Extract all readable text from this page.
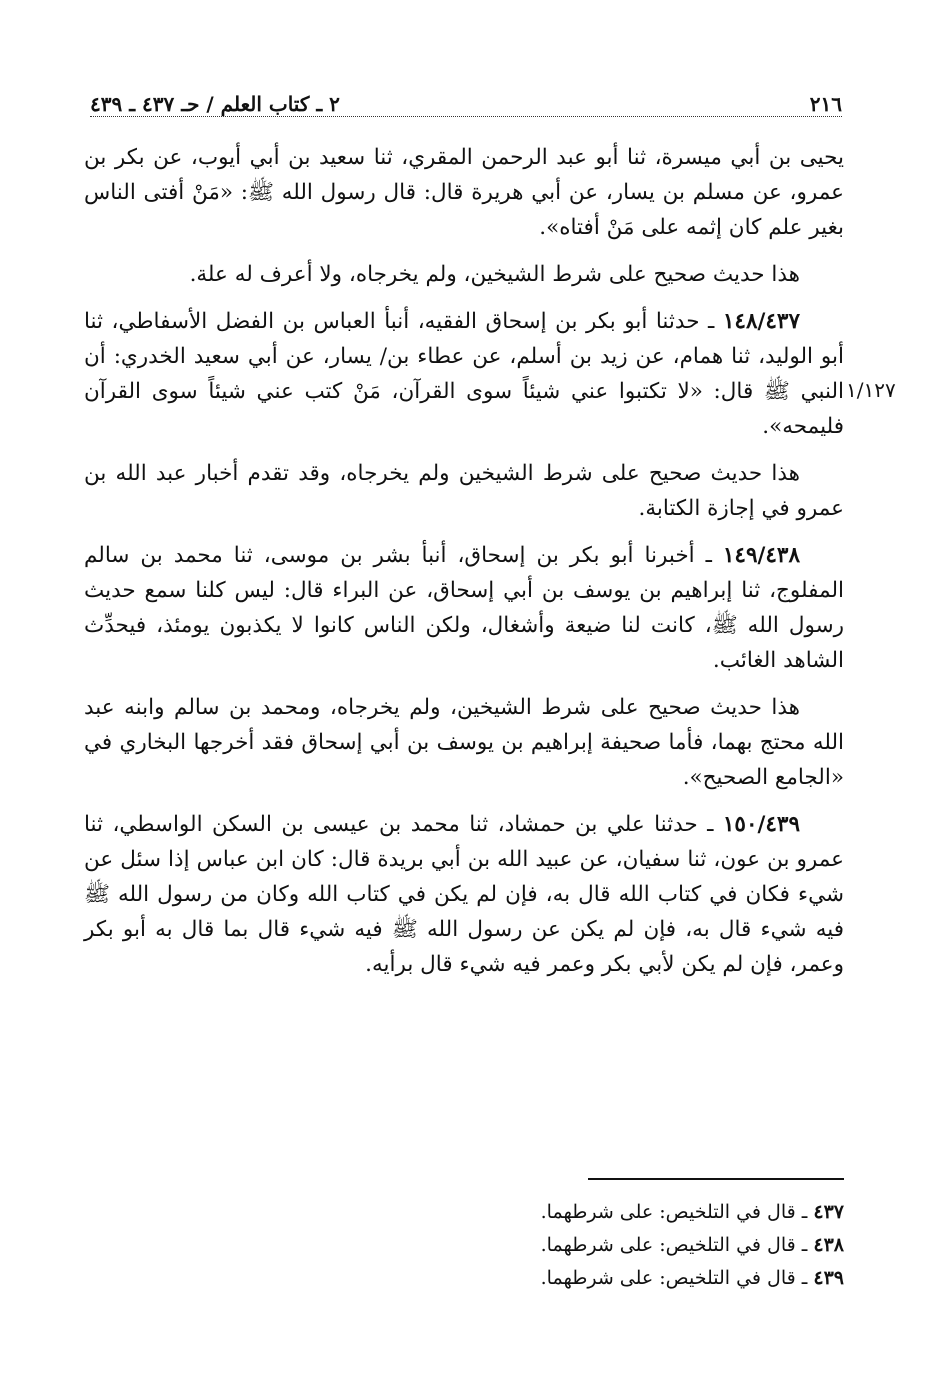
٢١٦
٢ ـ كتاب العلم / حـ ٤٣٧ ـ ٤٣٩
١/١٢٧

يحيى بن أبي ميسرة، ثنا أبو عبد الرحمن المقري، ثنا سعيد بن أبي أيوب، عن بكر بن عمرو، عن مسلم بن يسار، عن أبي هريرة قال: قال رسول الله ﷺ: «مَنْ أفتى الناس بغير علم كان إثمه على مَنْ أفتاه».

هذا حديث صحيح على شرط الشيخين، ولم يخرجاه، ولا أعرف له علة.

١٤٨/٤٣٧ ـ حدثنا أبو بكر بن إسحاق الفقيه، أنبأ العباس بن الفضل الأسفاطي، ثنا أبو الوليد، ثنا همام، عن زيد بن أسلم، عن عطاء بن/ يسار، عن أبي سعيد الخدري: أن النبي ﷺ قال: «لا تكتبوا عني شيئاً سوى القرآن، مَنْ كتب عني شيئاً سوى القرآن فليمحه».

هذا حديث صحيح على شرط الشيخين ولم يخرجاه، وقد تقدم أخبار عبد الله بن عمرو في إجازة الكتابة.

١٤٩/٤٣٨ ـ أخبرنا أبو بكر بن إسحاق، أنبأ بشر بن موسى، ثنا محمد بن سالم المفلوج، ثنا إبراهيم بن يوسف بن أبي إسحاق، عن البراء قال: ليس كلنا سمع حديث رسول الله ﷺ، كانت لنا ضيعة وأشغال، ولكن الناس كانوا لا يكذبون يومئذ، فيحدِّث الشاهد الغائب.

هذا حديث صحيح على شرط الشيخين، ولم يخرجاه، ومحمد بن سالم وابنه عبد الله محتج بهما، فأما صحيفة إبراهيم بن يوسف بن أبي إسحاق فقد أخرجها البخاري في «الجامع الصحيح».

١٥٠/٤٣٩ ـ حدثنا علي بن حمشاد، ثنا محمد بن عيسى بن السكن الواسطي، ثنا عمرو بن عون، ثنا سفيان، عن عبيد الله بن أبي بريدة قال: كان ابن عباس إذا سئل عن شيء فكان في كتاب الله قال به، فإن لم يكن في كتاب الله وكان من رسول الله ﷺ فيه شيء قال به، فإن لم يكن عن رسول الله ﷺ فيه شيء قال بما قال به أبو بكر وعمر، فإن لم يكن لأبي بكر وعمر فيه شيء قال برأيه.

٤٣٧ ـ قال في التلخيص: على شرطهما.

٤٣٨ ـ قال في التلخيص: على شرطهما.

٤٣٩ ـ قال في التلخيص: على شرطهما.
